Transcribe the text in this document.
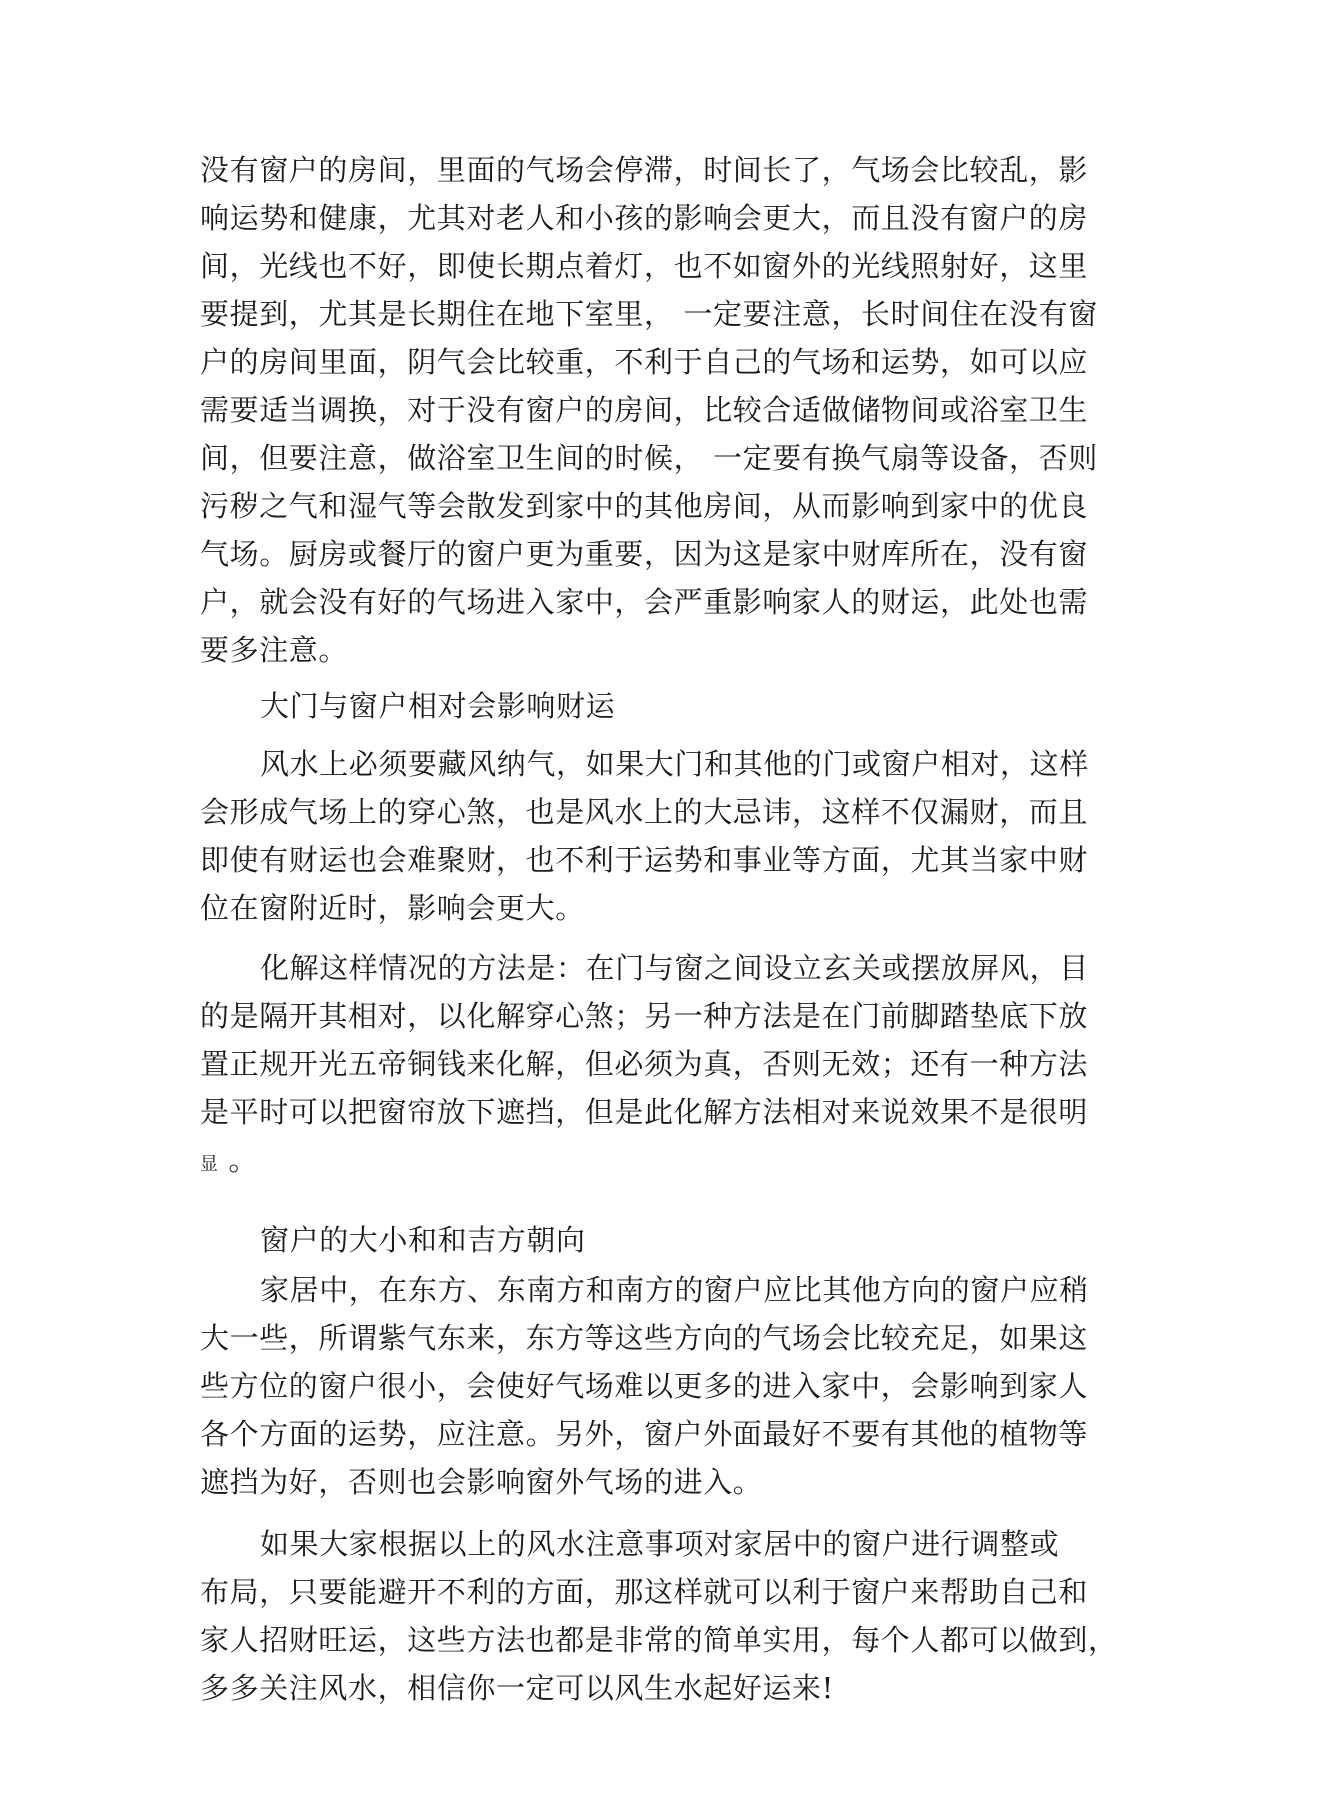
没有窗户的房间，里面的气场会停滞，时间长了，气场会比较乱，影
响运势和健康，尤其对老人和小孩的影响会更大，而且没有窗户的房
间，光线也不好，即使长期点着灯，也不如窗外的光线照射好，这里
要提到，尤其是长期住在地下室里， 一定要注意，长时间住在没有窗
户的房间里面，阴气会比较重，不利于自己的气场和运势，如可以应
需要适当调换，对于没有窗户的房间，比较合适做储物间或浴室卫生
间，但要注意，做浴室卫生间的时候， 一定要有换气扇等设备，否则
污秽之气和湿气等会散发到家中的其他房间，从而影响到家中的优良
气场。厨房或餐厅的窗户更为重要，因为这是家中财库所在，没有窗
户，就会没有好的气场进入家中，会严重影响家人的财运，此处也需
要多注意。
大门与窗户相对会影响财运
风水上必须要藏风纳气，如果大门和其他的门或窗户相对，这样
会形成气场上的穿心煞，也是风水上的大忌讳，这样不仅漏财，而且
即使有财运也会难聚财，也不利于运势和事业等方面，尤其当家中财
位在窗附近时，影响会更大。
化解这样情况的方法是：在门与窗之间设立玄关或摆放屏风，目
的是隔开其相对，以化解穿心煞；另一种方法是在门前脚踏垫底下放
置正规开光五帝铜钱来化解，但必须为真，否则无效；还有一种方法
是平时可以把窗帘放下遮挡，但是此化解方法相对来说效果不是很明
显 。
窗户的大小和和吉方朝向
家居中，在东方、东南方和南方的窗户应比其他方向的窗户应稍
大一些，所谓紫气东来，东方等这些方向的气场会比较充足，如果这
些方位的窗户很小，会使好气场难以更多的进入家中，会影响到家人
各个方面的运势，应注意。另外，窗户外面最好不要有其他的植物等
遮挡为好，否则也会影响窗外气场的进入。
如果大家根据以上的风水注意事项对家居中的窗户进行调整或
布局，只要能避开不利的方面，那这样就可以利于窗户来帮助自己和
家人招财旺运，这些方法也都是非常的简单实用，每个人都可以做到，
多多关注风水，相信你一定可以风生水起好运来!
